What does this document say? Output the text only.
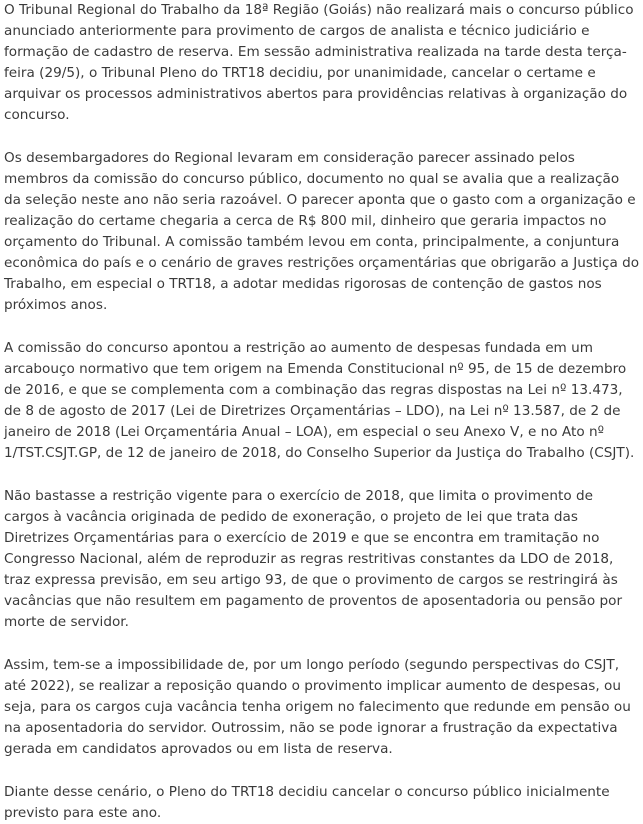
O Tribunal Regional do Trabalho da 18ª Região (Goiás) não realizará mais o concurso público anunciado anteriormente para provimento de cargos de analista e técnico judiciário e formação de cadastro de reserva. Em sessão administrativa realizada na tarde desta terça-feira (29/5), o Tribunal Pleno do TRT18 decidiu, por unanimidade, cancelar o certame e arquivar os processos administrativos abertos para providências relativas à organização do concurso.

Os desembargadores do Regional levaram em consideração parecer assinado pelos membros da comissão do concurso público, documento no qual se avalia que a realização da seleção neste ano não seria razoável. O parecer aponta que o gasto com a organização e realização do certame chegaria a cerca de R$ 800 mil, dinheiro que geraria impactos no orçamento do Tribunal. A comissão também levou em conta, principalmente, a conjuntura econômica do país e o cenário de graves restrições orçamentárias que obrigarão a Justiça do Trabalho, em especial o TRT18, a adotar medidas rigorosas de contenção de gastos nos próximos anos.

A comissão do concurso apontou a restrição ao aumento de despesas fundada em um arcabouço normativo que tem origem na Emenda Constitucional nº 95, de 15 de dezembro de 2016, e que se complementa com a combinação das regras dispostas na Lei nº 13.473, de 8 de agosto de 2017 (Lei de Diretrizes Orçamentárias – LDO), na Lei nº 13.587, de 2 de janeiro de 2018 (Lei Orçamentária Anual – LOA), em especial o seu Anexo V, e no Ato nº 1/TST.CSJT.GP, de 12 de janeiro de 2018, do Conselho Superior da Justiça do Trabalho (CSJT).

Não bastasse a restrição vigente para o exercício de 2018, que limita o provimento de cargos à vacância originada de pedido de exoneração, o projeto de lei que trata das Diretrizes Orçamentárias para o exercício de 2019 e que se encontra em tramitação no Congresso Nacional, além de reproduzir as regras restritivas constantes da LDO de 2018, traz expressa previsão, em seu artigo 93, de que o provimento de cargos se restringirá às vacâncias que não resultem em pagamento de proventos de aposentadoria ou pensão por morte de servidor.

Assim, tem-se a impossibilidade de, por um longo período (segundo perspectivas do CSJT, até 2022), se realizar a reposição quando o provimento implicar aumento de despesas, ou seja, para os cargos cuja vacância tenha origem no falecimento que redunde em pensão ou na aposentadoria do servidor. Outrossim, não se pode ignorar a frustração da expectativa gerada em candidatos aprovados ou em lista de reserva.

Diante desse cenário, o Pleno do TRT18 decidiu cancelar o concurso público inicialmente previsto para este ano.
